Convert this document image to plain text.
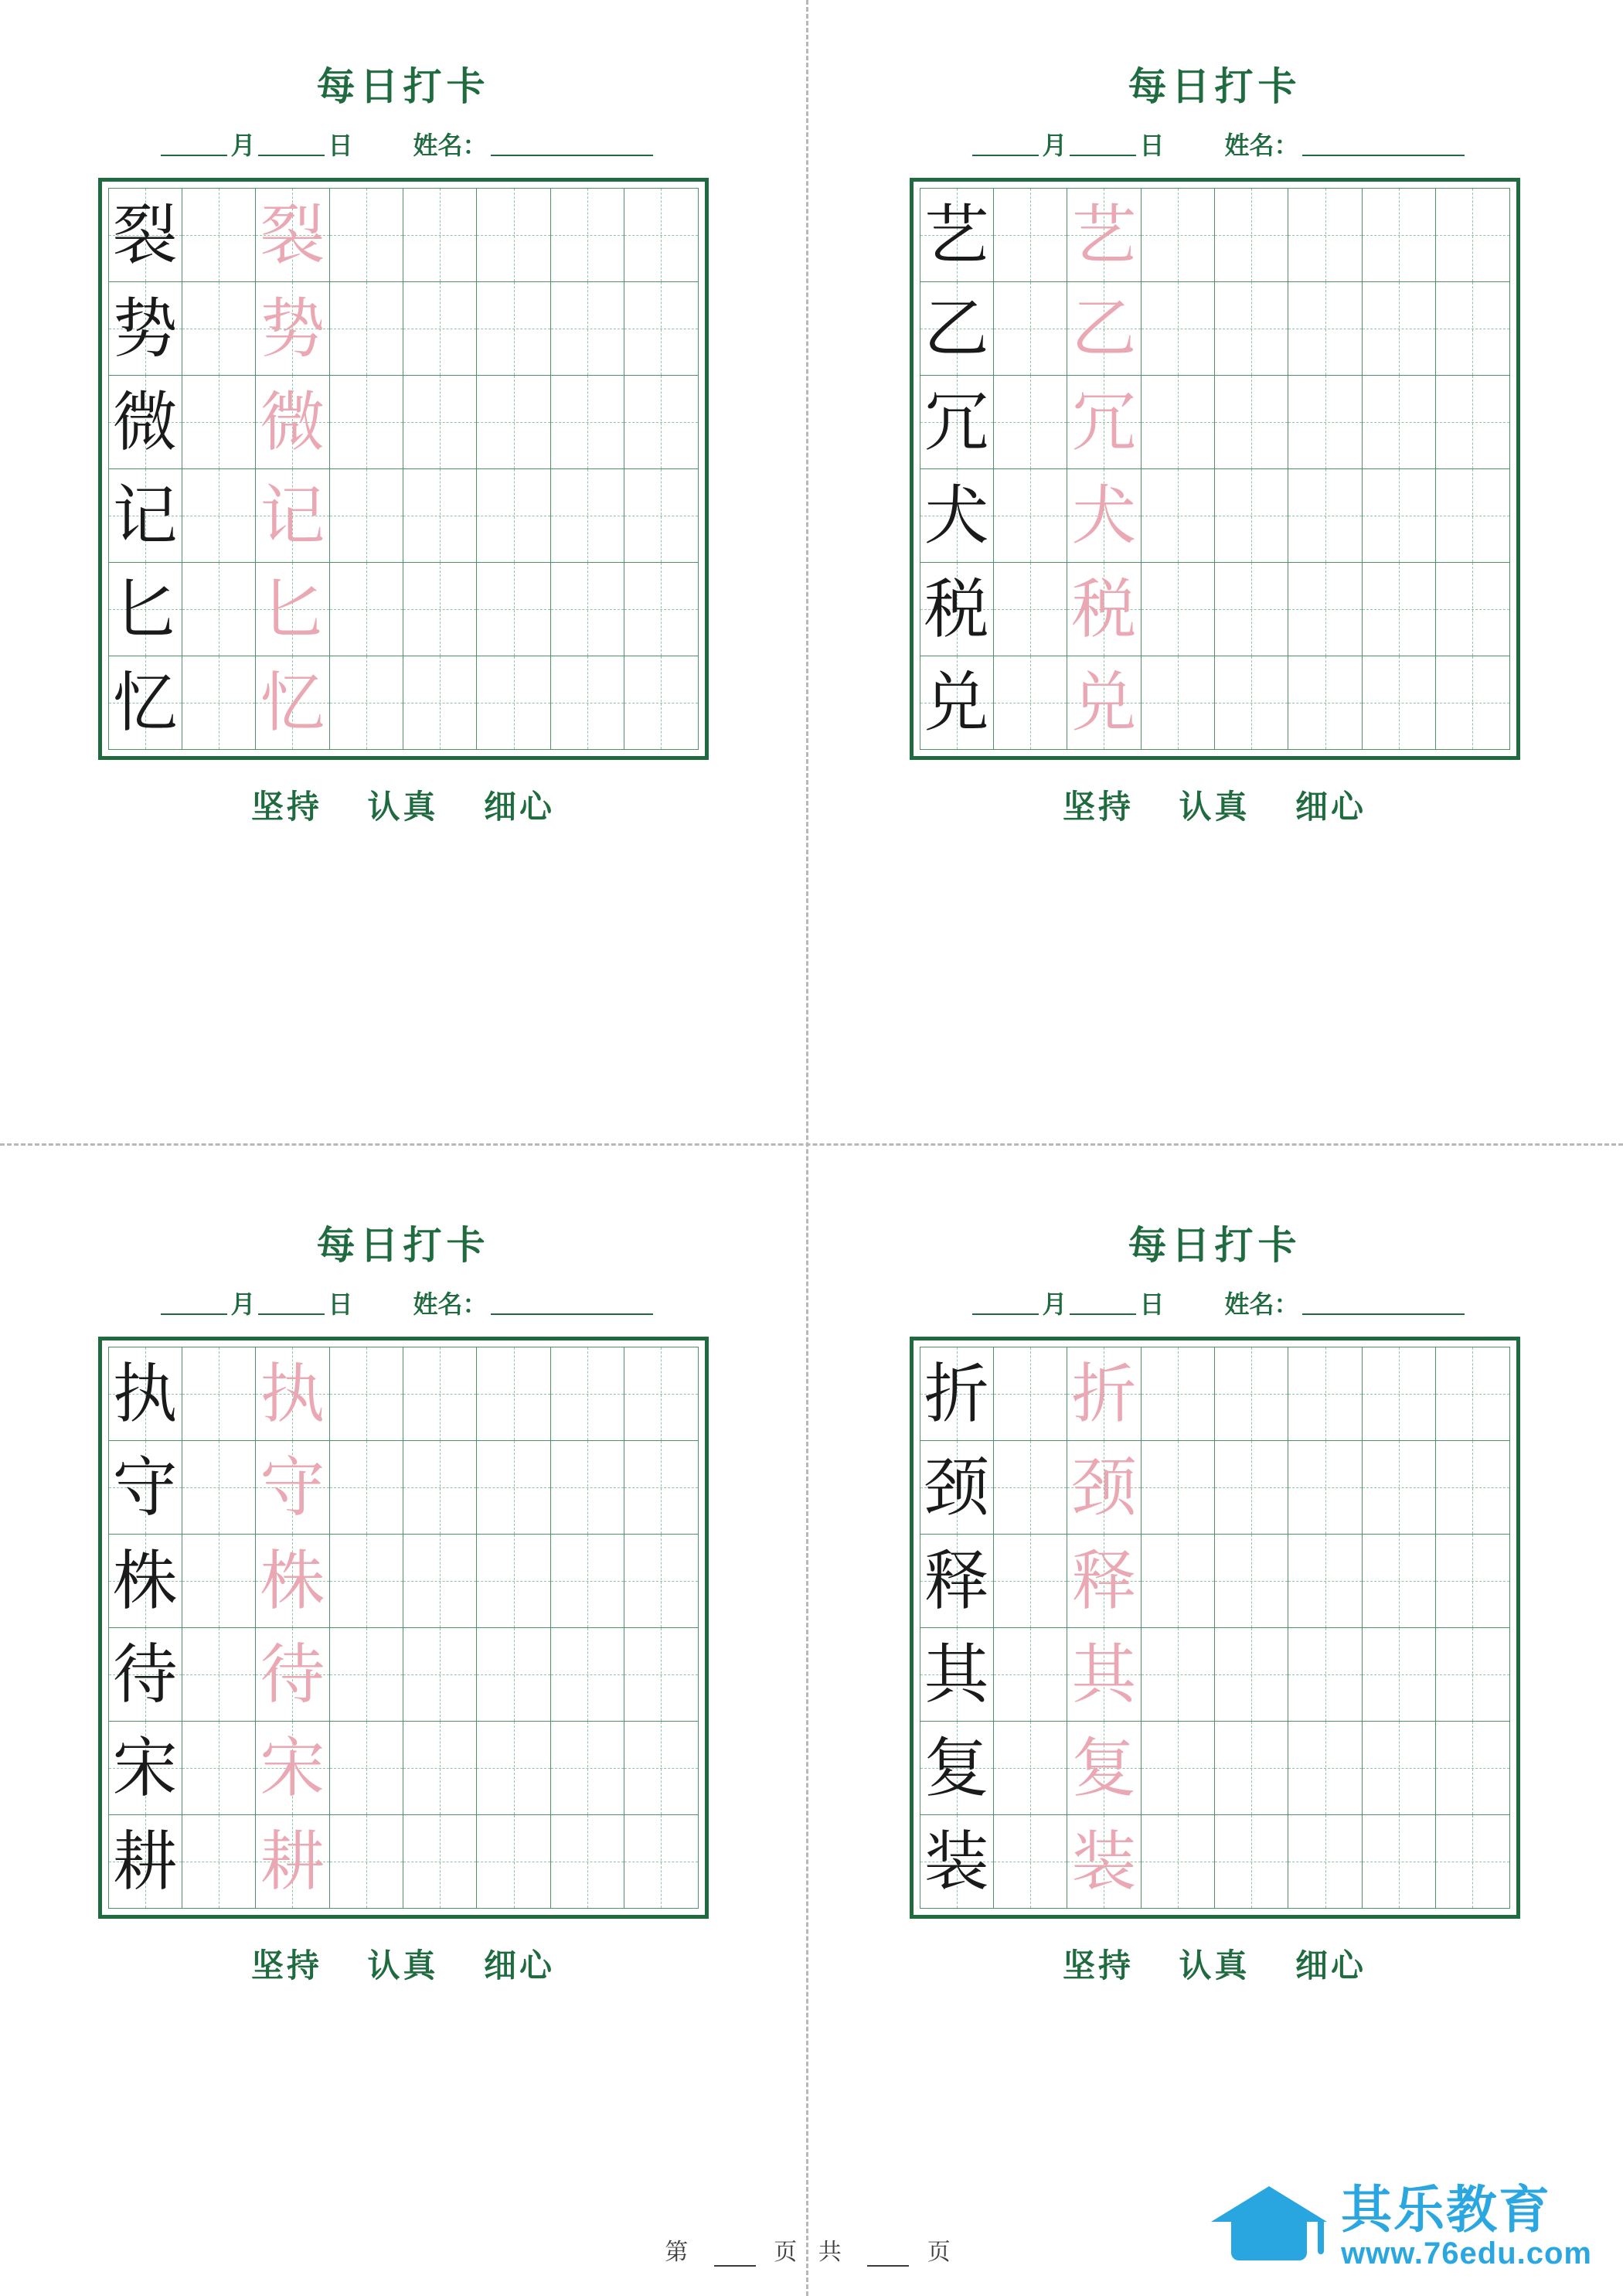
每日打卡
月	日 姓名：
裂		裂					

势		势					

微		微					

记		记					

匕		匕					

忆		忆					

坚持 认真 细心
每日打卡
月	日 姓名：
艺		艺					

乙		乙					

冗		冗					

犬		犬					

税		税					

兑		兑					

坚持 认真 细心
每日打卡
月	日 姓名：
执		执					

守		守					

株		株					

待		待					

宋		宋					

耕		耕					

坚持 认真 细心
每日打卡
月	日 姓名：
折		折					

颈		颈					

释		释					

其		其					

复		复					

装		装					

坚持 认真 细心
第	页 共	页
其乐教育
www.76edu.com
